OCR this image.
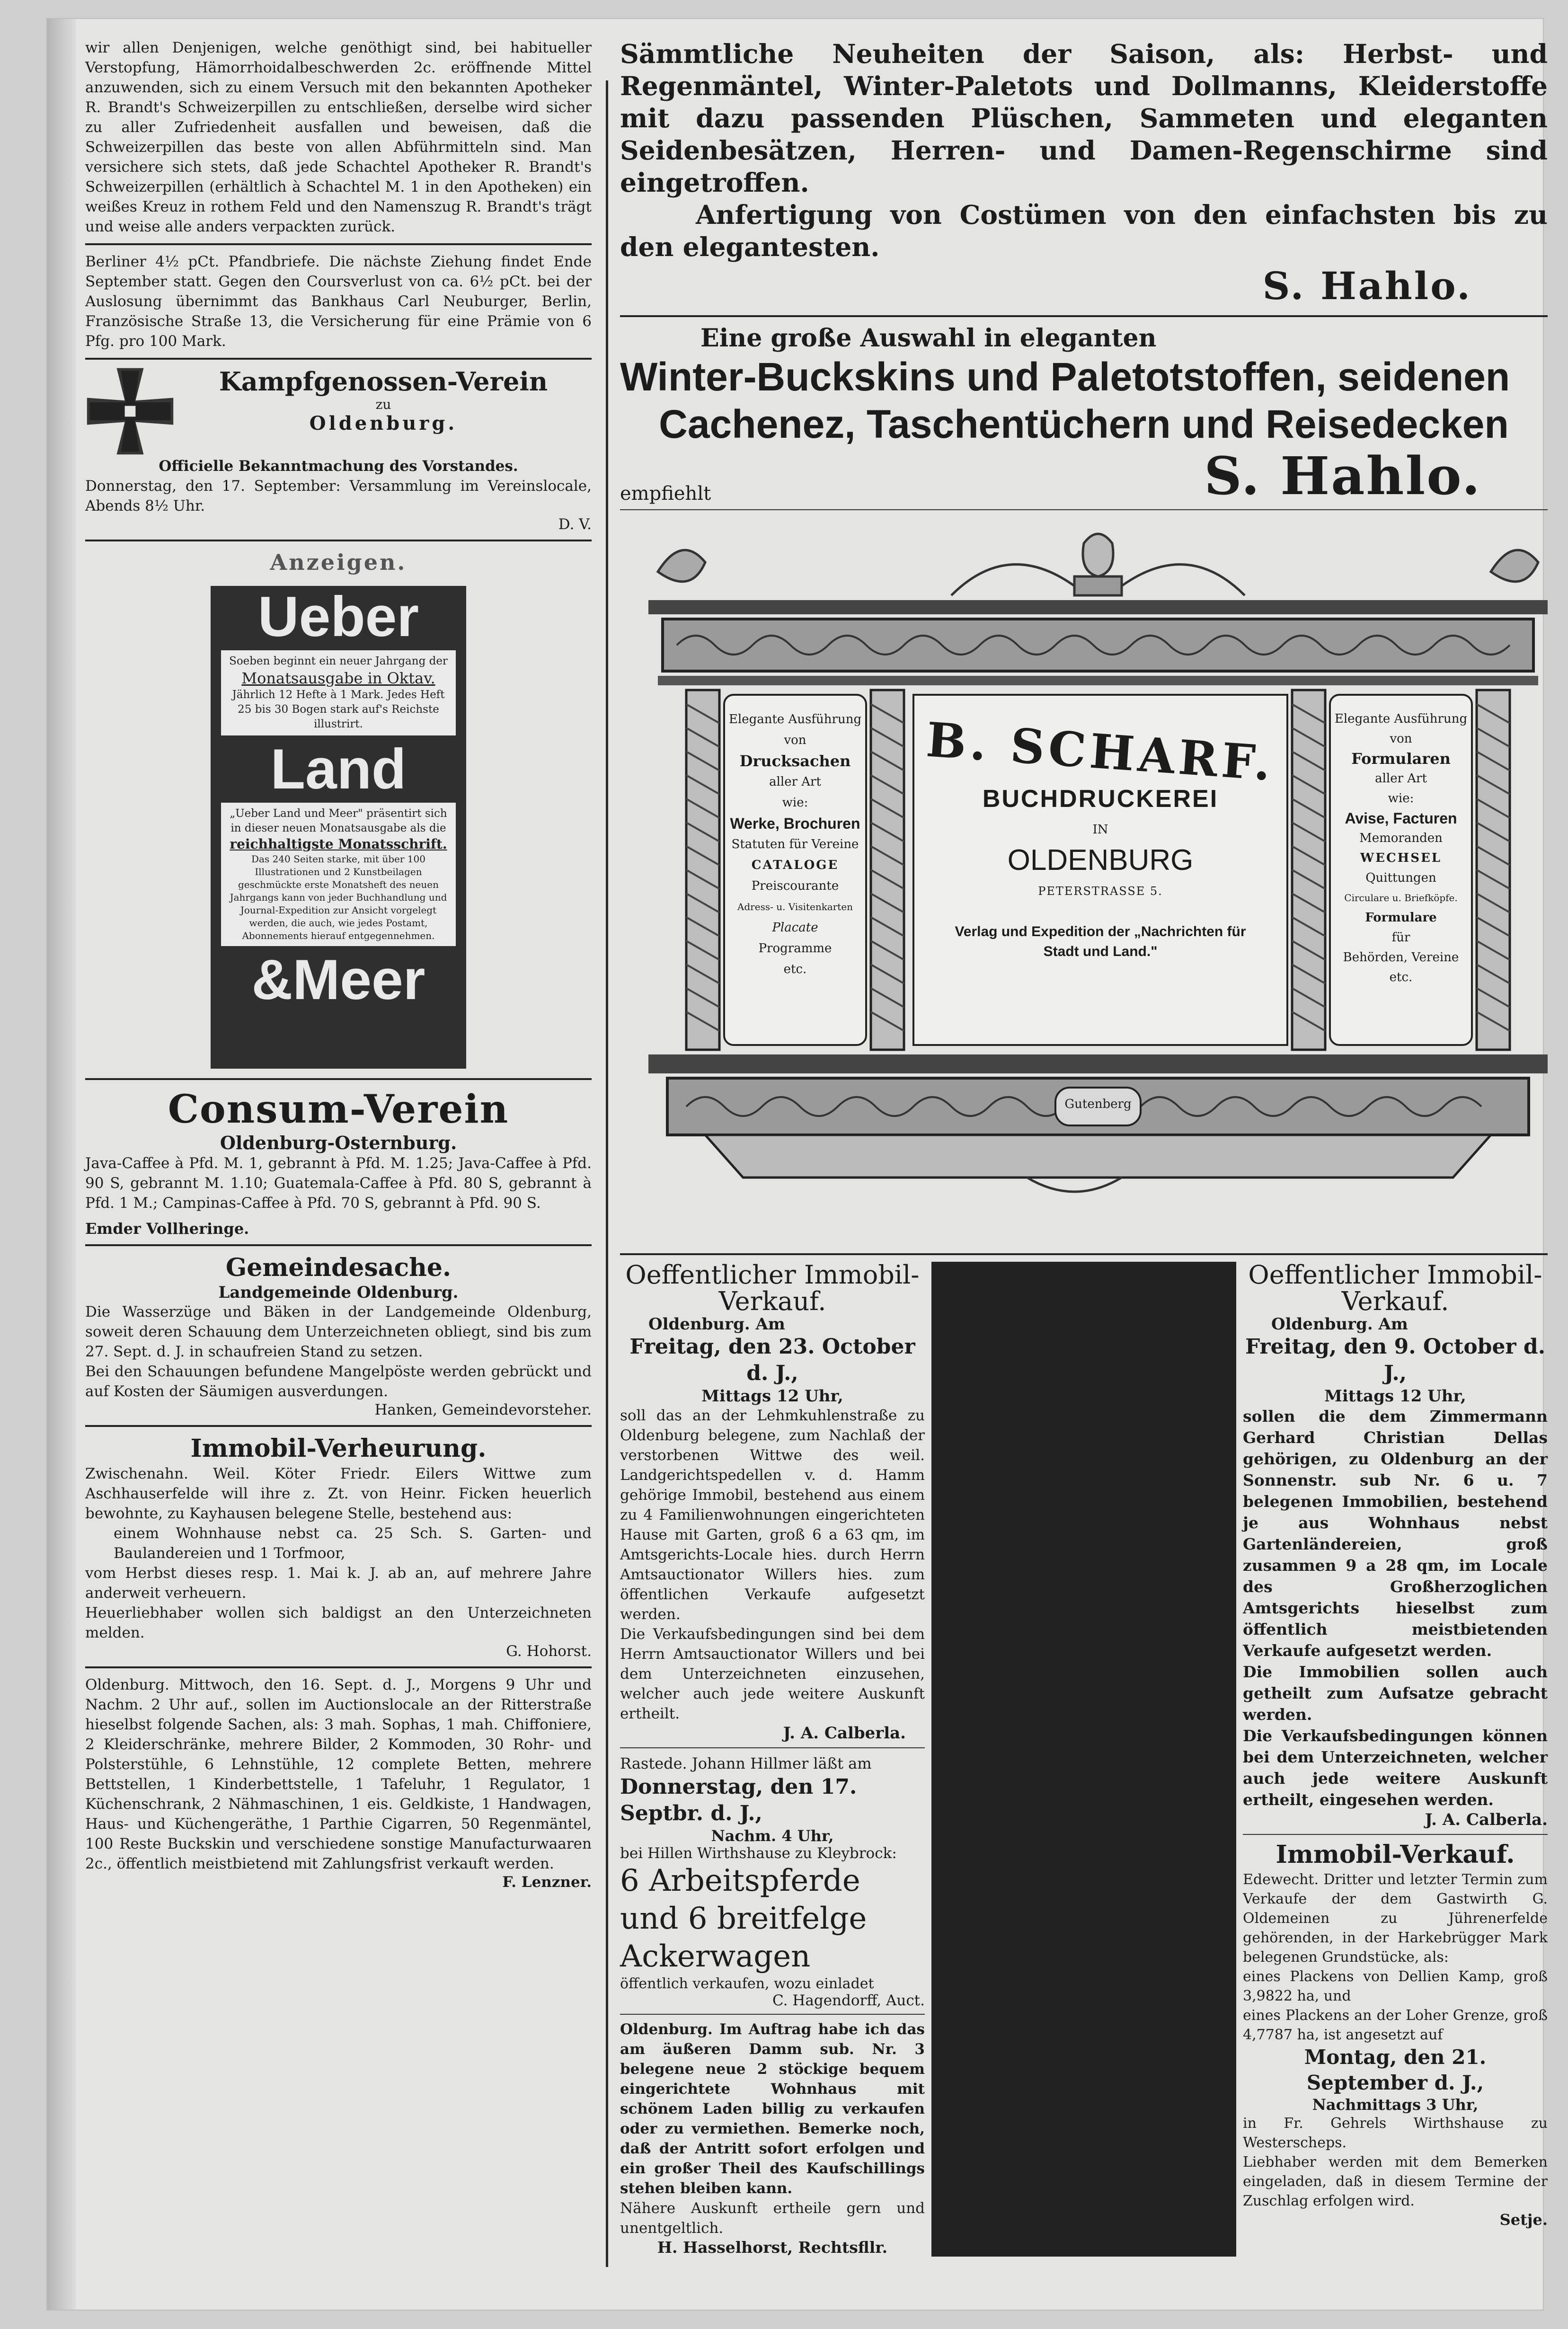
wir allen Denjenigen, welche genöthigt sind, bei habitueller Verstopfung, Hämorrhoidalbeschwerden 2c. eröffnende Mittel anzuwenden, sich zu einem Versuch mit den bekannten Apotheker R. Brandt's Schweizerpillen zu entschließen, derselbe wird sicher zu aller Zufriedenheit ausfallen und beweisen, daß die Schweizerpillen das beste von allen Abführmitteln sind. Man versichere sich stets, daß jede Schachtel Apotheker R. Brandt's Schweizerpillen (erhältlich à Schachtel M. 1 in den Apotheken) ein weißes Kreuz in rothem Feld und den Namenszug R. Brandt's trägt und weise alle anders verpackten zurück.

Berliner 4½ pCt. Pfandbriefe. Die nächste Ziehung findet Ende September statt. Gegen den Coursverlust von ca. 6½ pCt. bei der Auslosung übernimmt das Bankhaus Carl Neuburger, Berlin, Französische Straße 13, die Versicherung für eine Prämie von 6 Pfg. pro 100 Mark.

Kampfgenossen-Verein

zu

Oldenburg.

Officielle Bekanntmachung des Vorstandes.

Donnerstag, den 17. September: Versammlung im Vereinslocale, Abends 8½ Uhr.

D. V.

Anzeigen.

Ueber

Soeben beginnt ein neuer Jahrgang der

Monatsausgabe in Oktav.

Jährlich 12 Hefte à 1 Mark. Jedes Heft 25 bis 30 Bogen stark auf's Reichste illustrirt.

Land

„Ueber Land und Meer" präsentirt sich in dieser neuen Monatsausgabe als die

reichhaltigste Monatsschrift.

Das 240 Seiten starke, mit über 100 Illustrationen und 2 Kunstbeilagen geschmückte erste Monatsheft des neuen Jahrgangs kann von jeder Buchhandlung und Journal-Expedition zur Ansicht vorgelegt werden, die auch, wie jedes Postamt, Abonnements hierauf entgegennehmen.

&Meer

Consum-Verein

Oldenburg-Osternburg.

Java-Caffee à Pfd. M. 1, gebrannt à Pfd. M. 1.25; Java-Caffee à Pfd. 90 S, gebrannt M. 1.10; Guatemala-Caffee à Pfd. 80 S, gebrannt à Pfd. 1 M.; Campinas-Caffee à Pfd. 70 S, gebrannt à Pfd. 90 S.

Emder Vollheringe.

Gemeindesache.

Landgemeinde Oldenburg.

Die Wasserzüge und Bäken in der Landgemeinde Oldenburg, soweit deren Schauung dem Unterzeichneten obliegt, sind bis zum 27. Sept. d. J. in schaufreien Stand zu setzen.

Bei den Schauungen befundene Mangelpöste werden gebrückt und auf Kosten der Säumigen ausverdungen.

Hanken, Gemeindevorsteher.

Immobil-Verheurung.

Zwischenahn. Weil. Köter Friedr. Eilers Wittwe zum Aschhauserfelde will ihre z. Zt. von Heinr. Ficken heuerlich bewohnte, zu Kayhausen belegene Stelle, bestehend aus:

einem Wohnhause nebst ca. 25 Sch. S. Garten- und Baulandereien und 1 Torfmoor,

vom Herbst dieses resp. 1. Mai k. J. ab an, auf mehrere Jahre anderweit verheuern.

Heuerliebhaber wollen sich baldigst an den Unterzeichneten melden.

G. Hohorst.

Oldenburg. Mittwoch, den 16. Sept. d. J., Morgens 9 Uhr und Nachm. 2 Uhr auf., sollen im Auctionslocale an der Ritterstraße hieselbst folgende Sachen, als: 3 mah. Sophas, 1 mah. Chiffoniere, 2 Kleiderschränke, mehrere Bilder, 2 Kommoden, 30 Rohr- und Polsterstühle, 6 Lehnstühle, 12 complete Betten, mehrere Bettstellen, 1 Kinderbettstelle, 1 Tafeluhr, 1 Regulator, 1 Küchenschrank, 2 Nähmaschinen, 1 eis. Geldkiste, 1 Handwagen, Haus- und Küchengeräthe, 1 Parthie Cigarren, 50 Regenmäntel, 100 Reste Buckskin und verschiedene sonstige Manufacturwaaren 2c., öffentlich meistbietend mit Zahlungsfrist verkauft werden.

F. Lenzner.

Sämmtliche Neuheiten der Saison, als: Herbst- und Regenmäntel, Winter-Paletots und Dollmanns, Kleiderstoffe mit dazu passenden Plüschen, Sammeten und eleganten Seidenbesätzen, Herren- und Damen-Regenschirme sind eingetroffen.

Anfertigung von Costümen von den einfachsten bis zu den elegantesten.

S. Hahlo.

Eine große Auswahl in eleganten

Winter-Buckskins und Paletotstoffen, seidenen

Cachenez, Taschentüchern und Reisedecken

empfiehlt	S. Hahlo.

Elegante Ausführung

von

Drucksachen

aller Art

wie:

Werke, Brochuren

Statuten für Vereine

CATALOGE

Preiscourante

Adress- u. Visitenkarten

Placate

Programme

etc.

B. SCHARF.

BUCHDRUCKEREI

IN

OLDENBURG

PETERSTRASSE 5.

Verlag und Expedition der „Nachrichten für Stadt und Land."

Elegante Ausführung

von

Formularen

aller Art

wie:

Avise, Facturen

Memoranden

WECHSEL

Quittungen

Circulare u. Briefköpfe.

Formulare

für

Behörden, Vereine

etc.

Gutenberg

Oeffentlicher Immobil-Verkauf.

Oldenburg. Am

Freitag, den 23. October d. J.,

Mittags 12 Uhr,

soll das an der Lehmkuhlenstraße zu Oldenburg belegene, zum Nachlaß der verstorbenen Wittwe des weil. Landgerichtspedellen v. d. Hamm gehörige Immobil, bestehend aus einem zu 4 Familienwohnungen eingerichteten Hause mit Garten, groß 6 a 63 qm, im Amtsgerichts-Locale hies. durch Herrn Amtsauctionator Willers hies. zum öffentlichen Verkaufe aufgesetzt werden.

Die Verkaufsbedingungen sind bei dem Herrn Amtsauctionator Willers und bei dem Unterzeichneten einzusehen, welcher auch jede weitere Auskunft ertheilt.

J. A. Calberla.

Rastede. Johann Hillmer läßt am

Donnerstag, den 17. Septbr. d. J.,

Nachm. 4 Uhr,

bei Hillen Wirthshause zu Kleybrock:

6 Arbeitspferde und 6 breitfelge Ackerwagen

öffentlich verkaufen, wozu einladet

C. Hagendorff, Auct.

Oldenburg. Im Auftrag habe ich das am äußeren Damm sub. Nr. 3 belegene neue 2 stöckige bequem eingerichtete Wohnhaus mit schönem Laden billig zu verkaufen oder zu vermiethen. Bemerke noch, daß der Antritt sofort erfolgen und ein großer Theil des Kaufschillings stehen bleiben kann.

Nähere Auskunft ertheile gern und unentgeltlich.

H. Hasselhorst, Rechtsfllr.

Oeffentlicher Immobil-Verkauf.

Oldenburg. Am

Freitag, den 9. October d. J.,

Mittags 12 Uhr,

sollen die dem Zimmermann Gerhard Christian Dellas gehörigen, zu Oldenburg an der Sonnenstr. sub Nr. 6 u. 7 belegenen Immobilien, bestehend je aus Wohnhaus nebst Gartenländereien, groß zusammen 9 a 28 qm, im Locale des Großherzoglichen Amtsgerichts hieselbst zum öffentlich meistbietenden Verkaufe aufgesetzt werden.

Die Immobilien sollen auch getheilt zum Aufsatze gebracht werden.

Die Verkaufsbedingungen können bei dem Unterzeichneten, welcher auch jede weitere Auskunft ertheilt, eingesehen werden.

J. A. Calberla.

Immobil-Verkauf.

Edewecht. Dritter und letzter Termin zum Verkaufe der dem Gastwirth G. Oldemeinen zu Jührenerfelde gehörenden, in der Harkebrügger Mark belegenen Grundstücke, als:

eines Plackens von Dellien Kamp, groß 3,9822 ha, und

eines Plackens an der Loher Grenze, groß 4,7787 ha, ist angesetzt auf

Montag, den 21. September d. J.,

Nachmittags 3 Uhr,

in Fr. Gehrels Wirthshause zu Westerscheps.

Liebhaber werden mit dem Bemerken eingeladen, daß in diesem Termine der Zuschlag erfolgen wird.

Setje.
